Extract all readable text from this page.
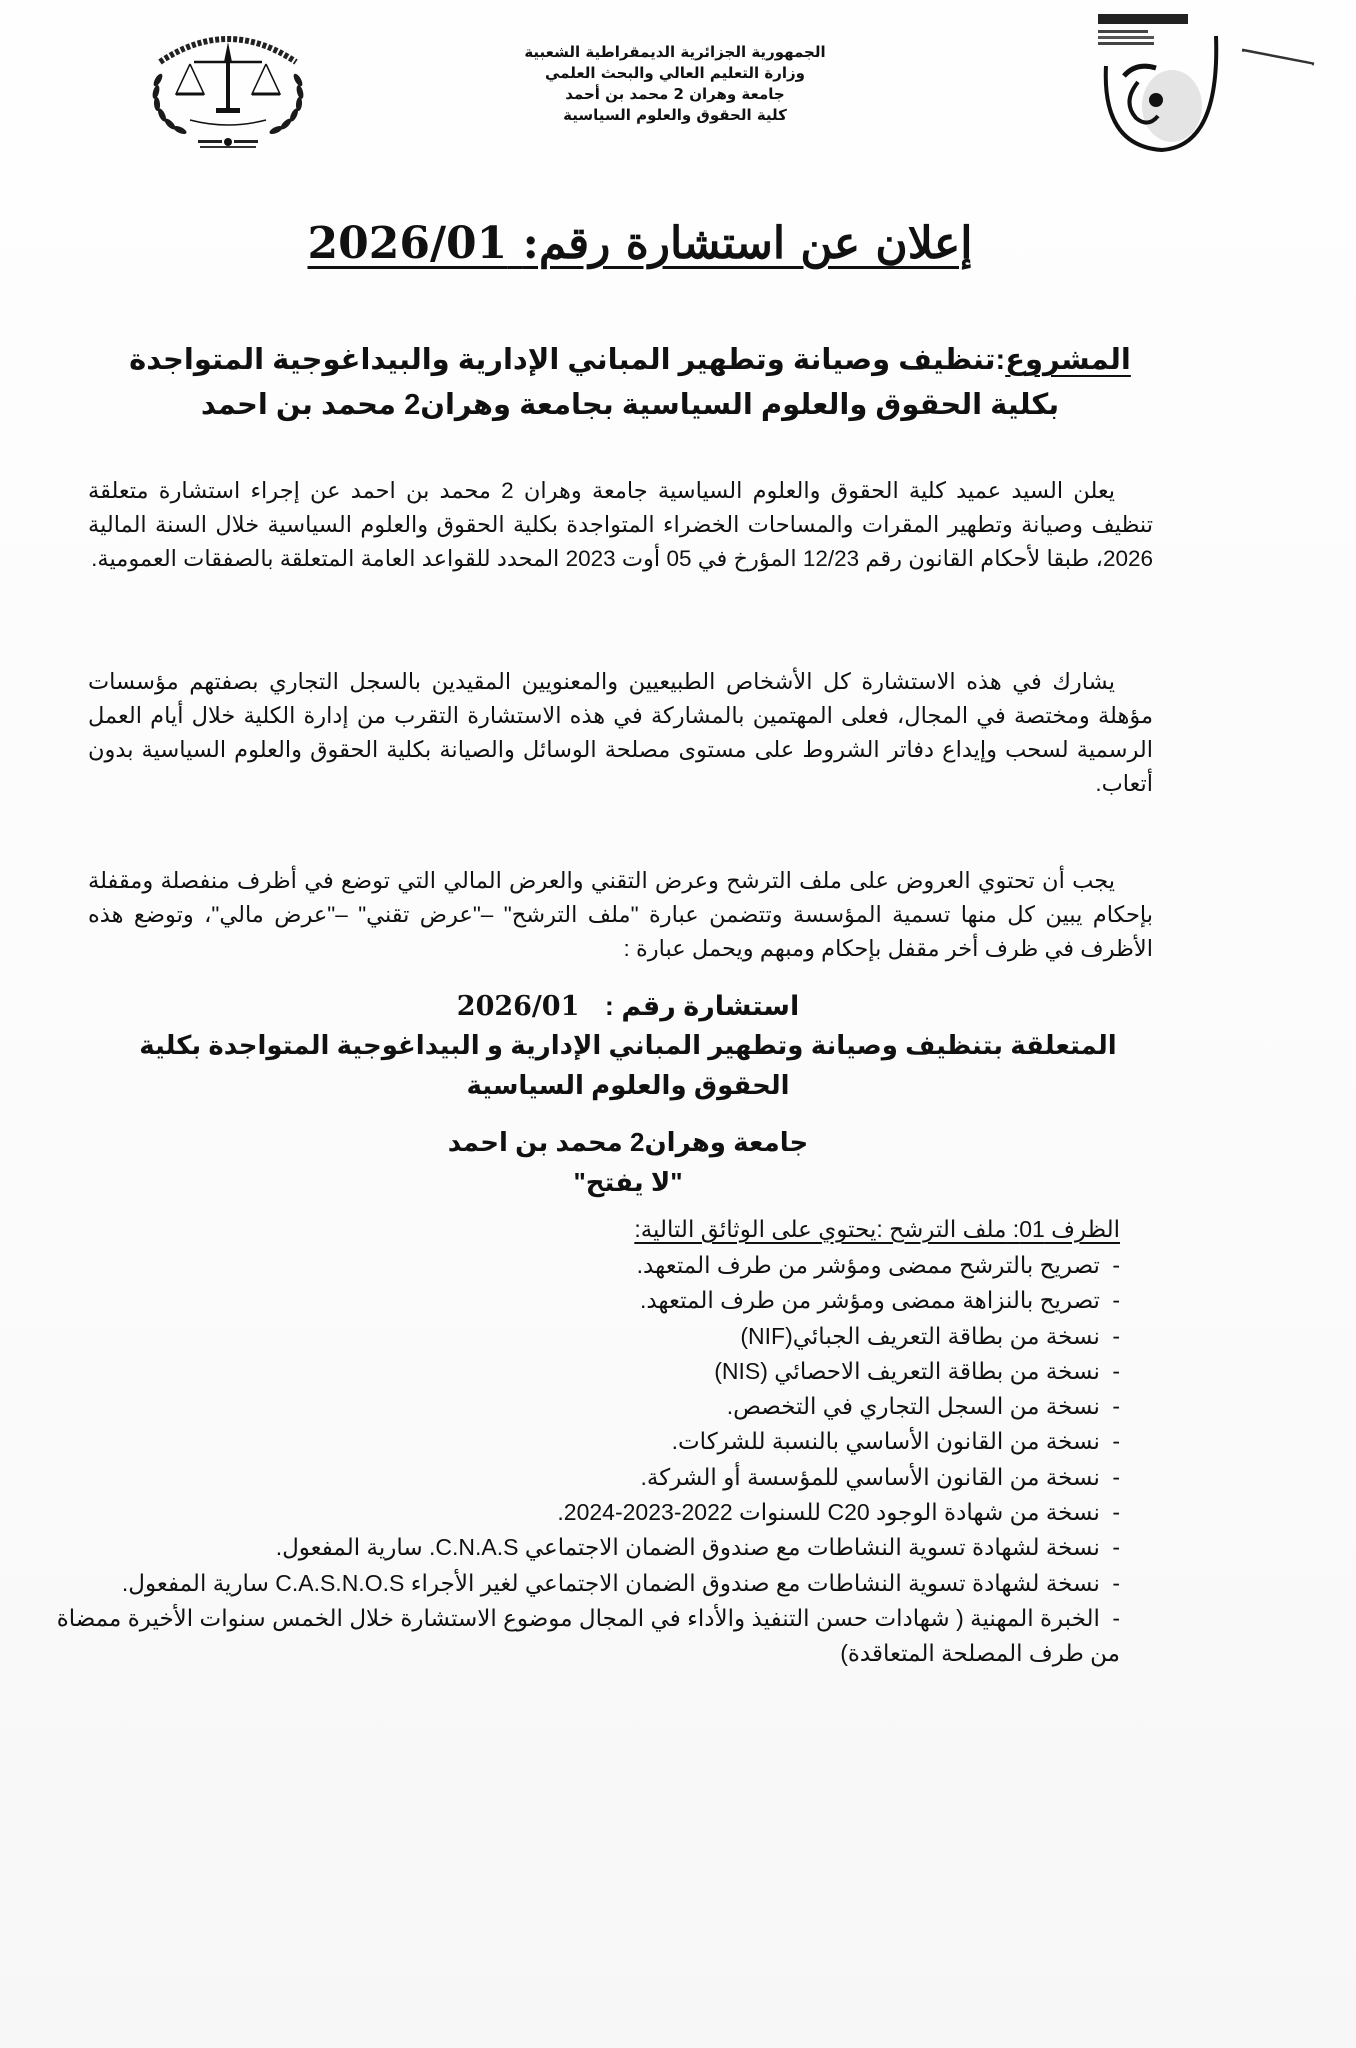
الجمهورية الجزائرية الديمقراطية الشعبية
وزارة التعليم العالي والبحث العلمي
جامعة وهران 2 محمد بن أحمد
كلية الحقوق والعلوم السياسية
إعلان عن استشارة رقم: 2026/01
المشروع:تنظيف وصيانة وتطهير المباني الإدارية والبيداغوجية المتواجدة بكلية الحقوق والعلوم السياسية بجامعة وهران2 محمد بن احمد

يعلن السيد عميد كلية الحقوق والعلوم السياسية جامعة وهران 2 محمد بن احمد عن إجراء استشارة متعلقة تنظيف وصيانة وتطهير المقرات والمساحات الخضراء المتواجدة بكلية الحقوق والعلوم السياسية خلال السنة المالية 2026، طبقا لأحكام القانون رقم 12/23 المؤرخ في 05 أوت 2023 المحدد للقواعد العامة المتعلقة بالصفقات العمومية.

يشارك في هذه الاستشارة كل الأشخاص الطبيعيين والمعنويين المقيدين بالسجل التجاري بصفتهم مؤسسات مؤهلة ومختصة في المجال، فعلى المهتمين بالمشاركة في هذه الاستشارة التقرب من إدارة الكلية خلال أيام العمل الرسمية لسحب وإيداع دفاتر الشروط على مستوى مصلحة الوسائل والصيانة بكلية الحقوق والعلوم السياسية بدون أتعاب.

يجب أن تحتوي العروض على ملف الترشح وعرض التقني والعرض المالي التي توضع في أظرف منفصلة ومقفلة بإحكام يبين كل منها تسمية المؤسسة وتتضمن عبارة "ملف الترشح" –"عرض تقني" –"عرض مالي"، وتوضع هذه الأظرف في ظرف أخر مقفل بإحكام ومبهم ويحمل عبارة :

استشارة رقم : 2026/01
المتعلقة بتنظيف وصيانة وتطهير المباني الإدارية و البيداغوجية المتواجدة بكلية الحقوق والعلوم السياسية
جامعة وهران2 محمد بن احمد
"لا يفتح"
الظرف 01: ملف الترشح :يحتوي على الوثائق التالية:
- تصريح بالترشح ممضى ومؤشر من طرف المتعهد.
- تصريح بالنزاهة ممضى ومؤشر من طرف المتعهد.
- نسخة من بطاقة التعريف الجبائي(NIF)
- نسخة من بطاقة التعريف الاحصائي (NIS)
- نسخة من السجل التجاري في التخصص.
- نسخة من القانون الأساسي بالنسبة للشركات.
- نسخة من القانون الأساسي للمؤسسة أو الشركة.
- نسخة من شهادة الوجود C20 للسنوات 2022-2023-2024.
- نسخة لشهادة تسوية النشاطات مع صندوق الضمان الاجتماعي C.N.A.S. سارية المفعول.
- نسخة لشهادة تسوية النشاطات مع صندوق الضمان الاجتماعي لغير الأجراء C.A.S.N.O.S سارية المفعول.
- الخبرة المهنية ( شهادات حسن التنفيذ والأداء في المجال موضوع الاستشارة خلال الخمس سنوات الأخيرة ممضاة من طرف المصلحة المتعاقدة)
